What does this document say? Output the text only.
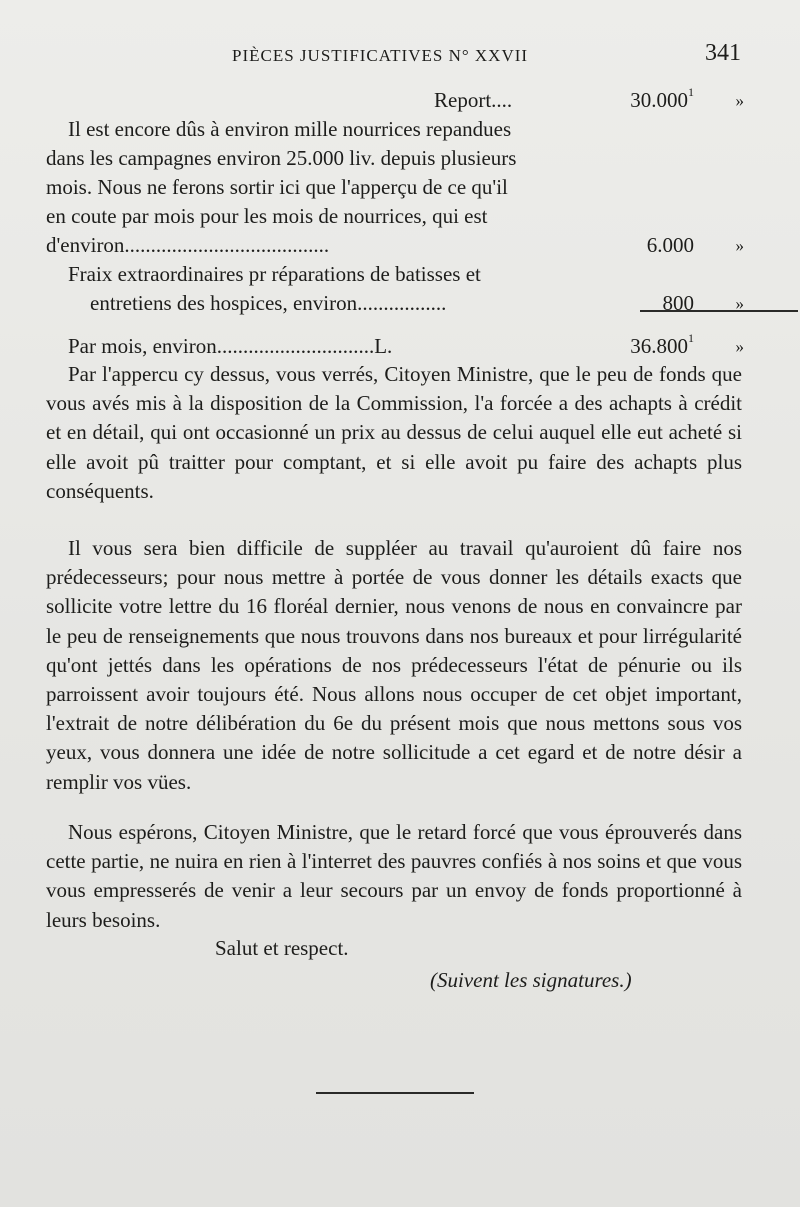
PIÈCES JUSTIFICATIVES N° XXVII	341
Report....	30.000$^1$ »
Il est encore dûs à environ mille nourrices repandues
dans les campagnes environ 25.000 liv. depuis plusieurs
mois. Nous ne ferons sortir ici que l'apperçu de ce qu'il
en coute par mois pour les mois de nourrices, qui est
d'environ.......................................	6.000 »
Fraix extraordinaires pr réparations de batisses et
entretiens des hospices, environ.................	800 »
Par mois, environ..............................L.	36.800$^1$ »

Par l'appercu cy dessus, vous verrés, Citoyen Ministre, que le peu de fonds que vous avés mis à la disposition de la Commission, l'a forcée a des achapts à crédit et en détail, qui ont occasionné un prix au dessus de celui auquel elle eut acheté si elle avoit pû traitter pour comptant, et si elle avoit pu faire des achapts plus conséquents.

Il vous sera bien difficile de suppléer au travail qu'auroient dû faire nos prédecesseurs; pour nous mettre à portée de vous donner les détails exacts que sollicite votre lettre du 16 floréal dernier, nous venons de nous en convaincre par le peu de renseignements que nous trouvons dans nos bureaux et pour lirrégularité qu'ont jettés dans les opérations de nos prédecesseurs l'état de pénurie ou ils parroissent avoir toujours été. Nous allons nous occuper de cet objet important, l'extrait de notre délibération du 6e du présent mois que nous mettons sous vos yeux, vous donnera une idée de notre sollicitude a cet egard et de notre désir a remplir vos vües.

Nous espérons, Citoyen Ministre, que le retard forcé que vous éprouverés dans cette partie, ne nuira en rien à l'interret des pauvres confiés à nos soins et que vous vous empresserés de venir a leur secours par un envoy de fonds proportionné à leurs besoins.

Salut et respect.
(Suivent les signatures.)
